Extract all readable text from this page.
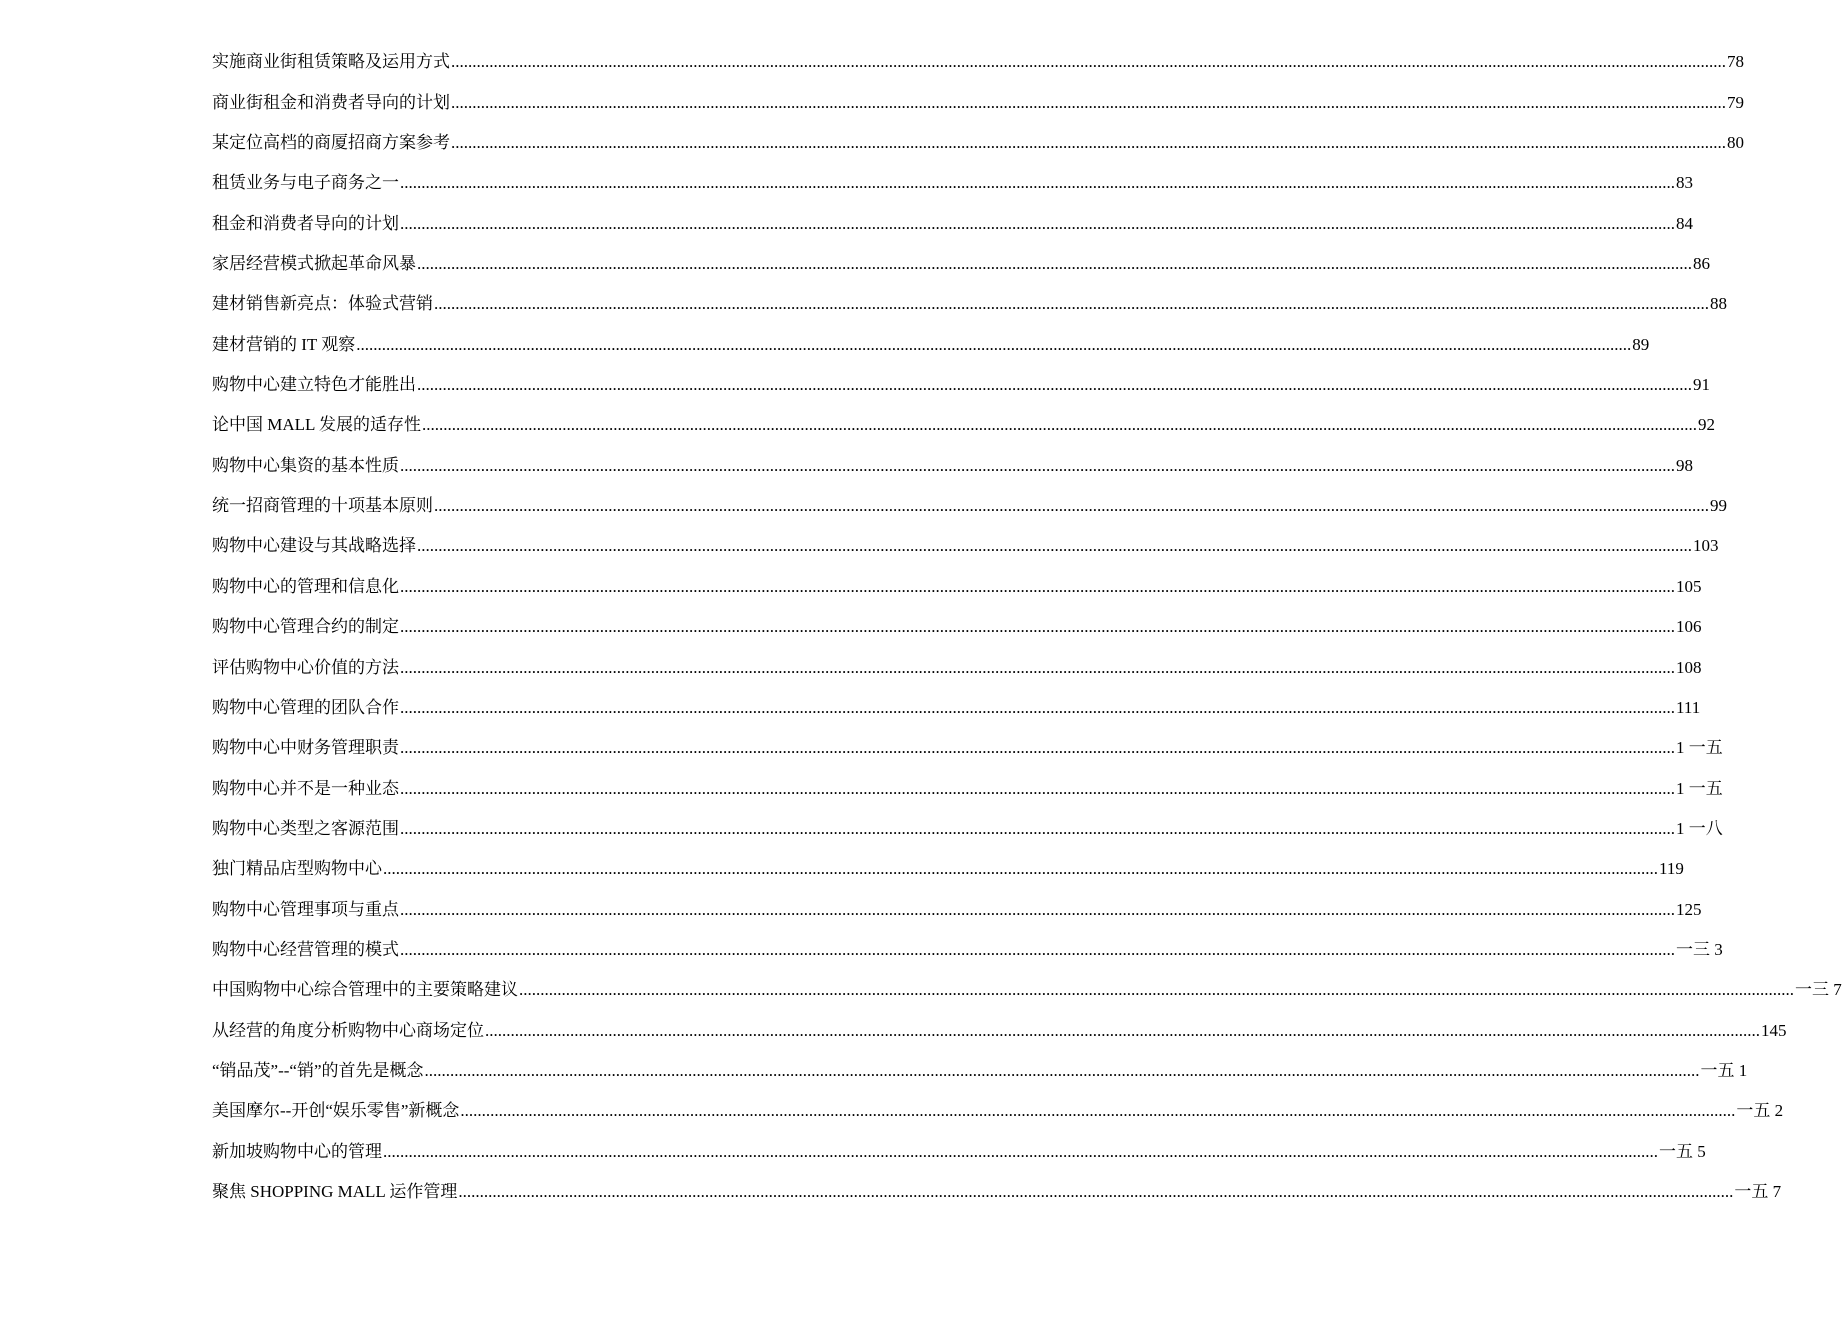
实施商业街租赁策略及运用方式 ............................................................................................................................................................................................................................................................................................................ 78
商业街租金和消费者导向的计划 ............................................................................................................................................................................................................................................................................................................ 79
某定位高档的商厦招商方案参考 ............................................................................................................................................................................................................................................................................................................ 80
租赁业务与电子商务之一 ............................................................................................................................................................................................................................................................................................................ 83
租金和消费者导向的计划 ............................................................................................................................................................................................................................................................................................................ 84
家居经营模式掀起革命风暴 ............................................................................................................................................................................................................................................................................................................ 86
建材销售新亮点：体验式营销 ............................................................................................................................................................................................................................................................................................................ 88
建材营销的 IT 观察 ............................................................................................................................................................................................................................................................................................................ 89
购物中心建立特色才能胜出 ............................................................................................................................................................................................................................................................................................................ 91
论中国 MALL 发展的适存性 ............................................................................................................................................................................................................................................................................................................ 92
购物中心集资的基本性质 ............................................................................................................................................................................................................................................................................................................ 98
统一招商管理的十项基本原则 ............................................................................................................................................................................................................................................................................................................ 99
购物中心建设与其战略选择 ............................................................................................................................................................................................................................................................................................................ 103
购物中心的管理和信息化 ............................................................................................................................................................................................................................................................................................................ 105
购物中心管理合约的制定 ............................................................................................................................................................................................................................................................................................................ 106
评估购物中心价值的方法 ............................................................................................................................................................................................................................................................................................................ 108
购物中心管理的团队合作 ............................................................................................................................................................................................................................................................................................................ 111
购物中心中财务管理职责 ............................................................................................................................................................................................................................................................................................................ 1 一五
购物中心并不是一种业态 ............................................................................................................................................................................................................................................................................................................ 1 一五
购物中心类型之客源范围 ............................................................................................................................................................................................................................................................................................................ 1 一八
独门精品店型购物中心 ............................................................................................................................................................................................................................................................................................................ 119
购物中心管理事项与重点 ............................................................................................................................................................................................................................................................................................................ 125
购物中心经营管理的模式 ............................................................................................................................................................................................................................................................................................................ 一三 3
中国购物中心综合管理中的主要策略建议 ............................................................................................................................................................................................................................................................................................................ 一三 7
从经营的角度分析购物中心商场定位 ............................................................................................................................................................................................................................................................................................................ 145
“销品茂”--“销”的首先是概念 ............................................................................................................................................................................................................................................................................................................ 一五 1
美国摩尔--开创“娱乐零售”新概念 ............................................................................................................................................................................................................................................................................................................ 一五 2
新加坡购物中心的管理 ............................................................................................................................................................................................................................................................................................................ 一五 5
聚焦 SHOPPING MALL 运作管理 ............................................................................................................................................................................................................................................................................................................ 一五 7
